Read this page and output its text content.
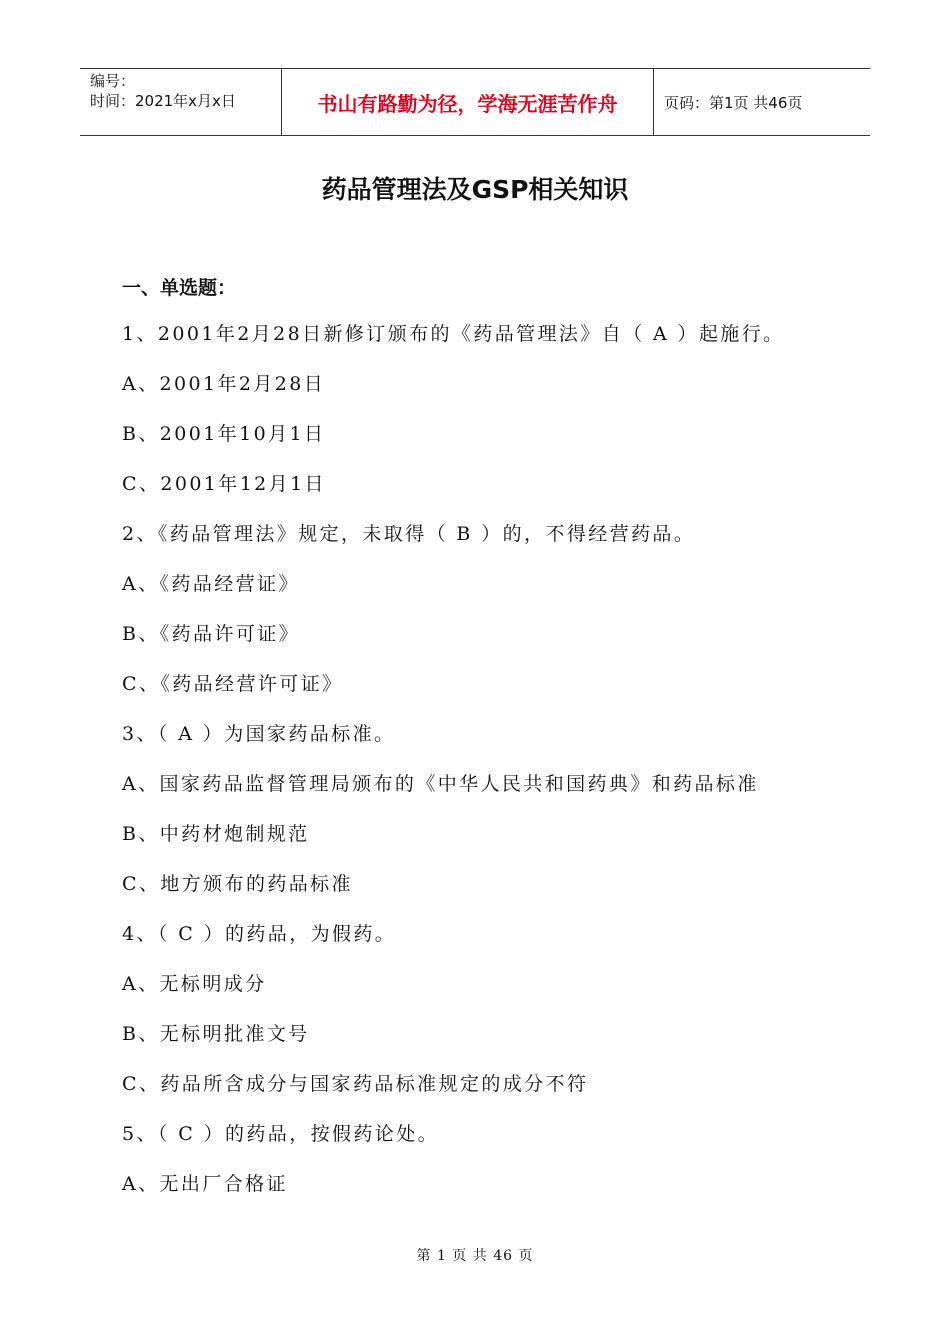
编号：
时间：2021年x月x日	书山有路勤为径，学海无涯苦作舟	页码：第1页 共46页
药品管理法及GSP相关知识
一、单选题：
1、2001年2月28日新修订颁布的《药品管理法》自（ A ）起施行。
A、2001年2月28日
B、2001年10月1日
C、2001年12月1日
2、《药品管理法》规定，未取得（ B ）的，不得经营药品。
A、《药品经营证》
B、《药品许可证》
C、《药品经营许可证》
3、（ A ）为国家药品标准。
A、国家药品监督管理局颁布的《中华人民共和国药典》和药品标准
B、中药材炮制规范
C、地方颁布的药品标准
4、（ C ）的药品，为假药。
A、无标明成分
B、无标明批准文号
C、药品所含成分与国家药品标准规定的成分不符
5、（ C ）的药品，按假药论处。
A、无出厂合格证
第 1 页 共 46 页
